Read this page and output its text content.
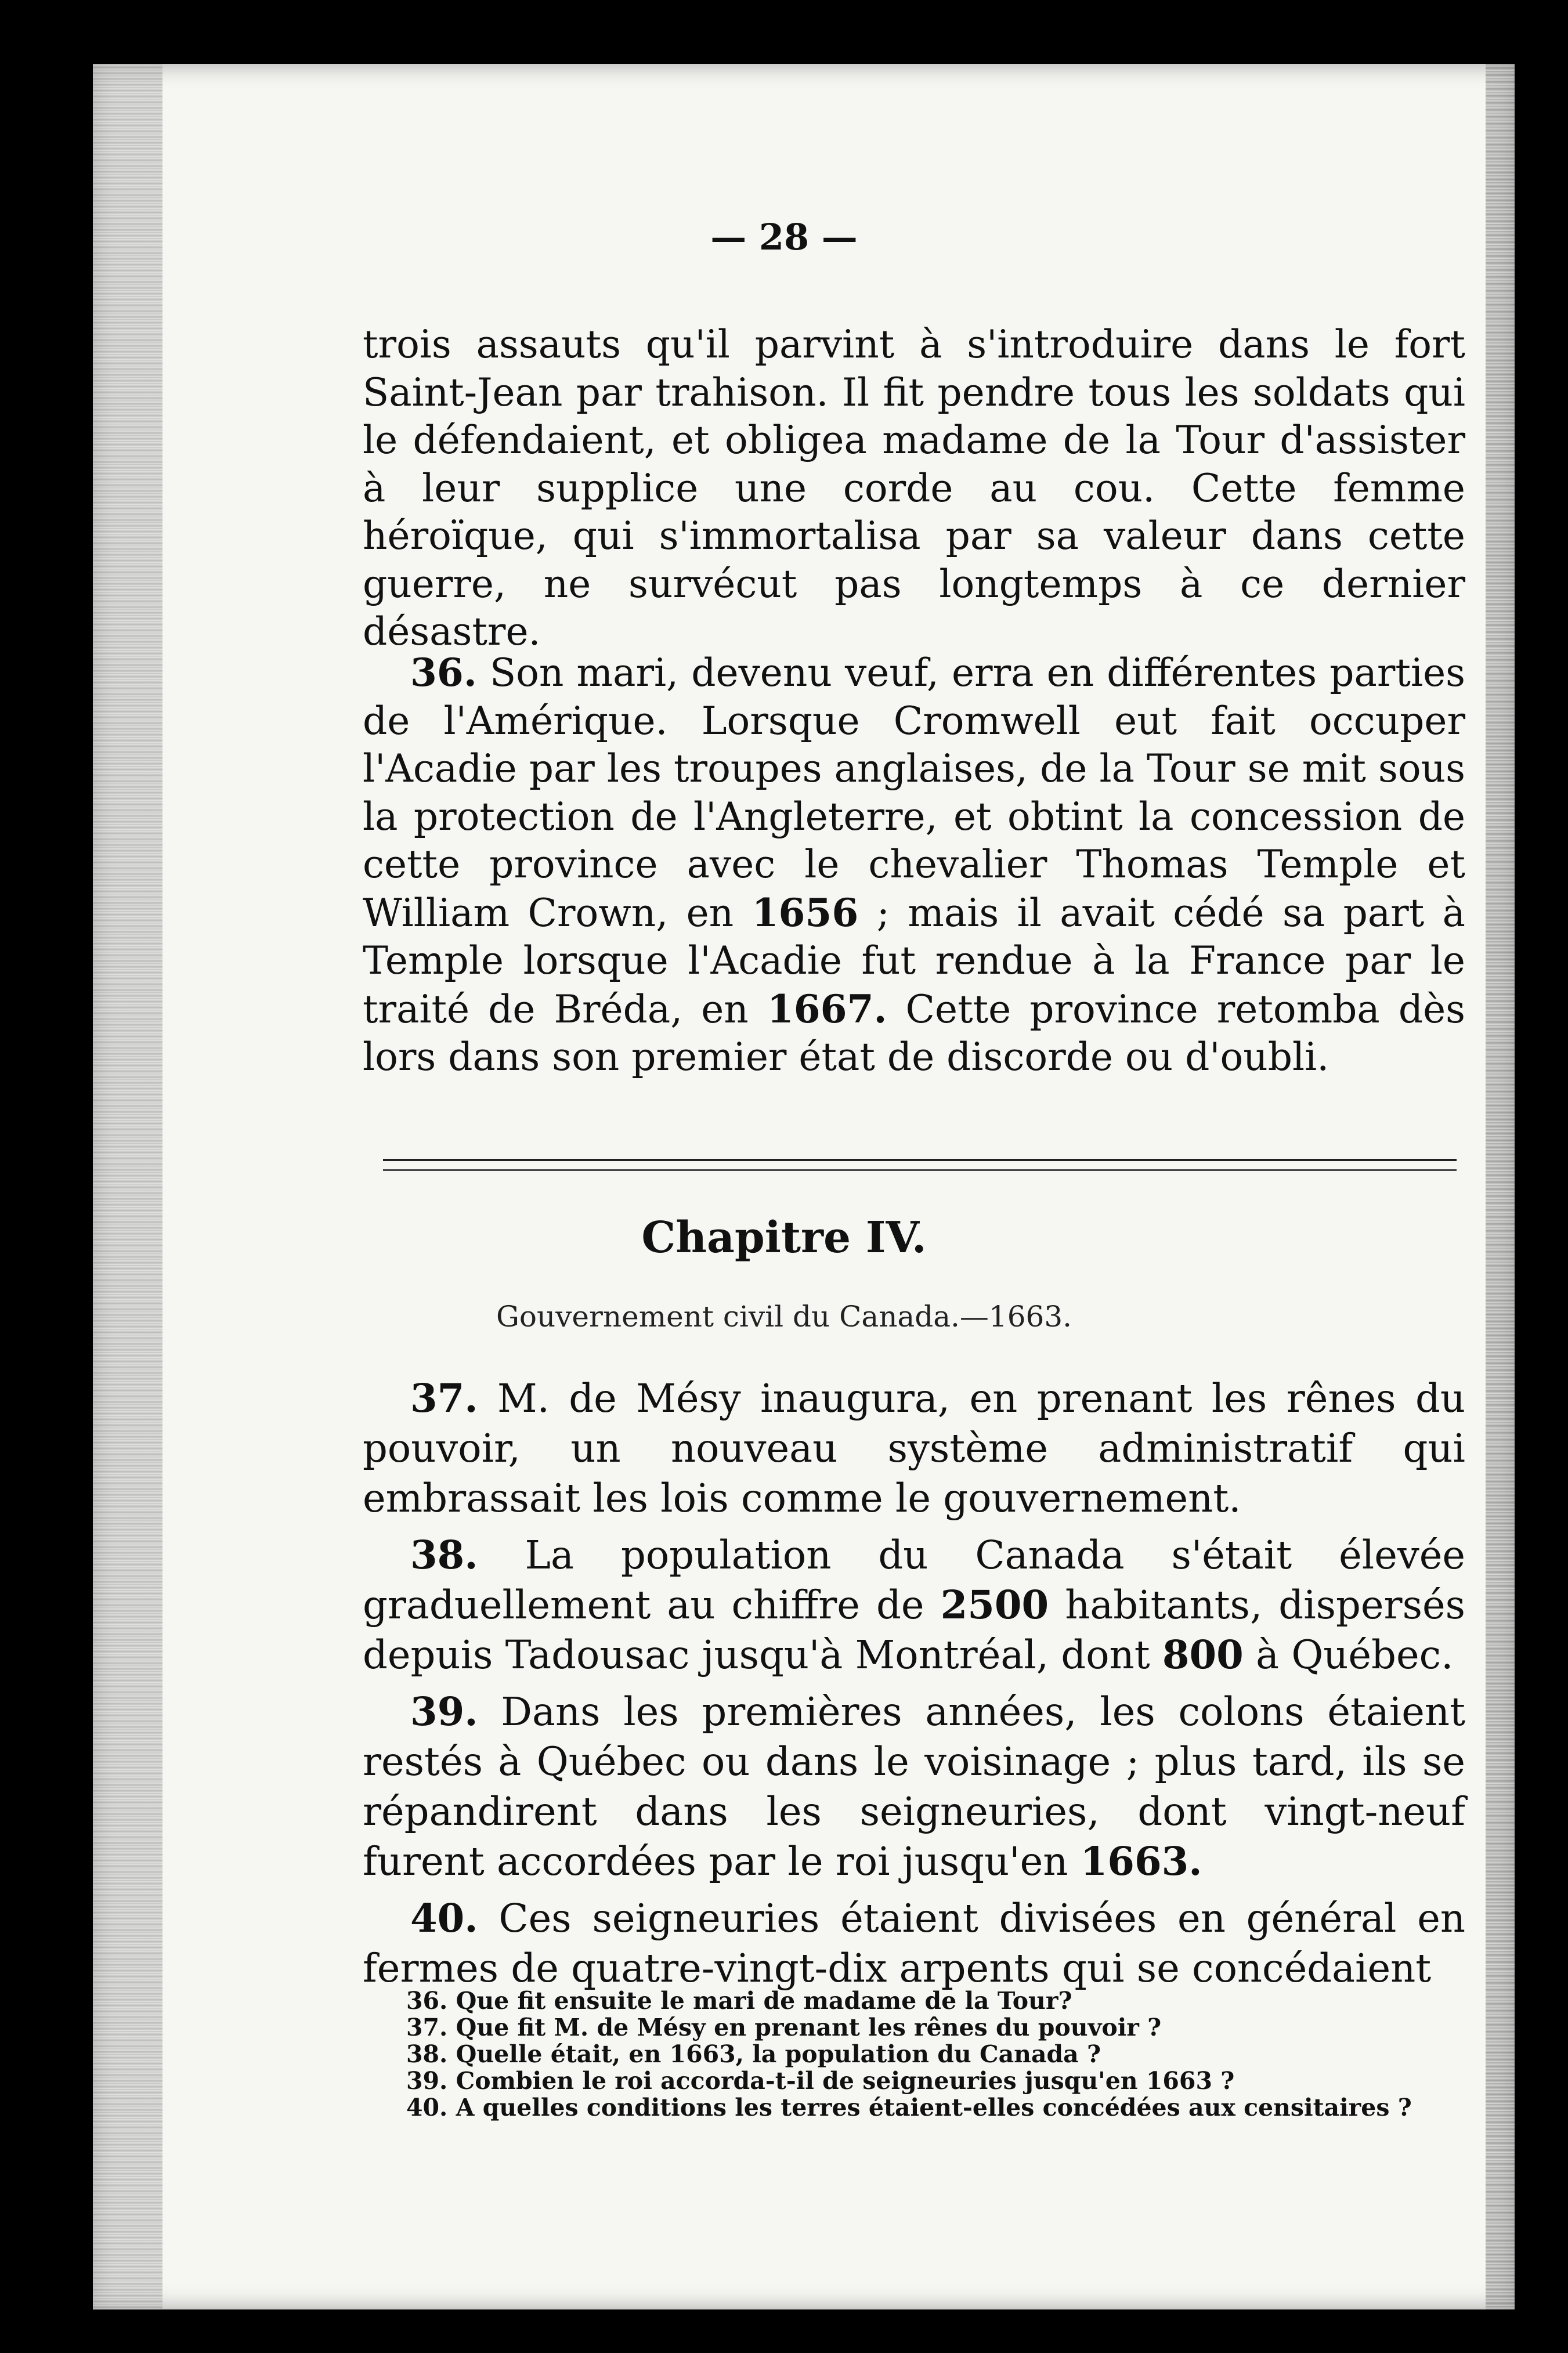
— 28 —

trois assauts qu'il parvint à s'introduire dans le fort Saint-Jean par trahison. Il fit pendre tous les soldats qui le défendaient, et obligea madame de la Tour d'assister à leur supplice une corde au cou. Cette femme héroïque, qui s'immortalisa par sa valeur dans cette guerre, ne survécut pas longtemps à ce dernier désastre.

36. Son mari, devenu veuf, erra en différentes parties de l'Amérique. Lorsque Cromwell eut fait occuper l'Acadie par les troupes anglaises, de la Tour se mit sous la protection de l'Angleterre, et obtint la concession de cette province avec le chevalier Thomas Temple et William Crown, en 1656 ; mais il avait cédé sa part à Temple lorsque l'Acadie fut rendue à la France par le traité de Bréda, en 1667. Cette province retomba dès lors dans son premier état de discorde ou d'oubli.

Chapitre IV.
Gouvernement civil du Canada.—1663.

37. M. de Mésy inaugura, en prenant les rênes du pouvoir, un nouveau système administratif qui embrassait les lois comme le gouvernement.

38. La population du Canada s'était élevée graduellement au chiffre de 2500 habitants, dispersés depuis Tadousac jusqu'à Montréal, dont 800 à Québec.

39. Dans les premières années, les colons étaient restés à Québec ou dans le voisinage ; plus tard, ils se répandirent dans les seigneuries, dont vingt-neuf furent accordées par le roi jusqu'en 1663.

40. Ces seigneuries étaient divisées en général en fermes de quatre-vingt-dix arpents qui se concédaient

36. Que fit ensuite le mari de madame de la Tour?

37. Que fit M. de Mésy en prenant les rênes du pouvoir ?

38. Quelle était, en 1663, la population du Canada ?

39. Combien le roi accorda-t-il de seigneuries jusqu'en 1663 ?

40. A quelles conditions les terres étaient-elles concédées aux censitaires ?
